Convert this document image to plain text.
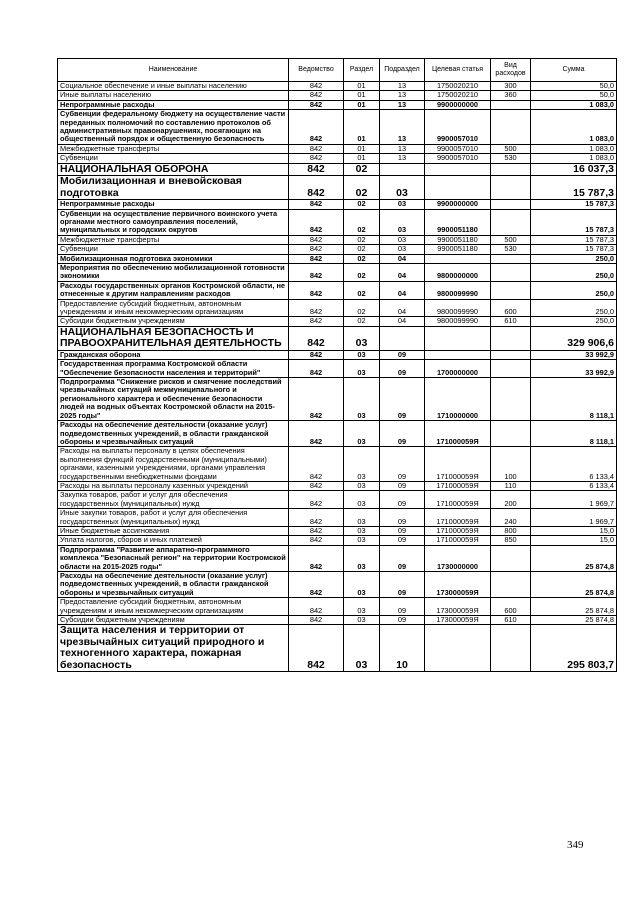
Наименование	Ведомство	Раздел	Подраздел	Целевая статья	Вид расходов	Сумма
Социальное обеспечение и иные выплаты населению	842	01	13	1750020210	300	50,0
Иные выплаты населению	842	01	13	1750020210	360	50,0
Непрограммные расходы	842	01	13	9900000000		1 083,0
Субвенции федеральному бюджету на осуществление части переданных полномочий по составлению протоколов об административных правонарушениях, посягающих на общественный порядок и общественную безопасность	842	01	13	9900057010		1 083,0
Межбюджетные трансферты	842	01	13	9900057010	500	1 083,0
Субвенции	842	01	13	9900057010	530	1 083,0
НАЦИОНАЛЬНАЯ ОБОРОНА	842	02				16 037,3
Мобилизационная и вневойсковая подготовка	842	02	03			15 787,3
Непрограммные расходы	842	02	03	9900000000		15 787,3
Субвенции на осуществление первичного воинского учета органами местного самоуправления поселений, муниципальных и городских округов	842	02	03	9900051180		15 787,3
Межбюджетные трансферты	842	02	03	9900051180	500	15 787,3
Субвенции	842	02	03	9900051180	530	15 787,3
Мобилизационная подготовка экономики	842	02	04			250,0
Мероприятия по обеспечению мобилизационной готовности экономики	842	02	04	9800000000		250,0
Расходы государственных органов Костромской области, не отнесенные к другим направлениям расходов	842	02	04	9800099990		250,0
Предоставление субсидий бюджетным, автономным учреждениям и иным некоммерческим организациям	842	02	04	9800099990	600	250,0
Субсидии бюджетным учреждениям	842	02	04	9800099990	610	250,0
НАЦИОНАЛЬНАЯ БЕЗОПАСНОСТЬ И ПРАВООХРАНИТЕЛЬНАЯ ДЕЯТЕЛЬНОСТЬ	842	03				329 906,6
Гражданская оборона	842	03	09			33 992,9
Государственная программа Костромской области "Обеспечение безопасности населения и территорий"	842	03	09	1700000000		33 992,9
Подпрограмма "Снижение рисков и смягчение последствий чрезвычайных ситуаций межмуниципального и регионального характера и обеспечение безопасности людей на водных объектах Костромской области на 2015-2025 годы"	842	03	09	1710000000		8 118,1
Расходы на обеспечение деятельности (оказание услуг) подведомственных учреждений, в области гражданской обороны и чрезвычайных ситуаций	842	03	09	171000059Я		8 118,1
Расходы на выплаты персоналу в целях обеспечения выполнения функций государственными (муниципальными) органами, казенными учреждениями, органами управления государственными внебюджетными фондами	842	03	09	171000059Я	100	6 133,4
Расходы на выплаты персоналу казенных учреждений	842	03	09	171000059Я	110	6 133,4
Закупка товаров, работ и услуг для обеспечения государственных (муниципальных) нужд	842	03	09	171000059Я	200	1 969,7
Иные закупки товаров, работ и услуг для обеспечения государственных (муниципальных) нужд	842	03	09	171000059Я	240	1 969,7
Иные бюджетные ассигнования	842	03	09	171000059Я	800	15,0
Уплата налогов, сборов и иных платежей	842	03	09	171000059Я	850	15,0
Подпрограмма "Развитие аппаратно-программного комплекса "Безопасный регион" на территории Костромской области на 2015-2025 годы"	842	03	09	1730000000		25 874,8
Расходы на обеспечение деятельности (оказание услуг) подведомственных учреждений, в области гражданской обороны и чрезвычайных ситуаций	842	03	09	173000059Я		25 874,8
Предоставление субсидий бюджетным, автономным учреждениям и иным некоммерческим организациям	842	03	09	173000059Я	600	25 874,8
Субсидии бюджетным учреждениям	842	03	09	173000059Я	610	25 874,8
Защита населения и территории от чрезвычайных ситуаций природного и техногенного характера, пожарная безопасность	842	03	10			295 803,7
349
